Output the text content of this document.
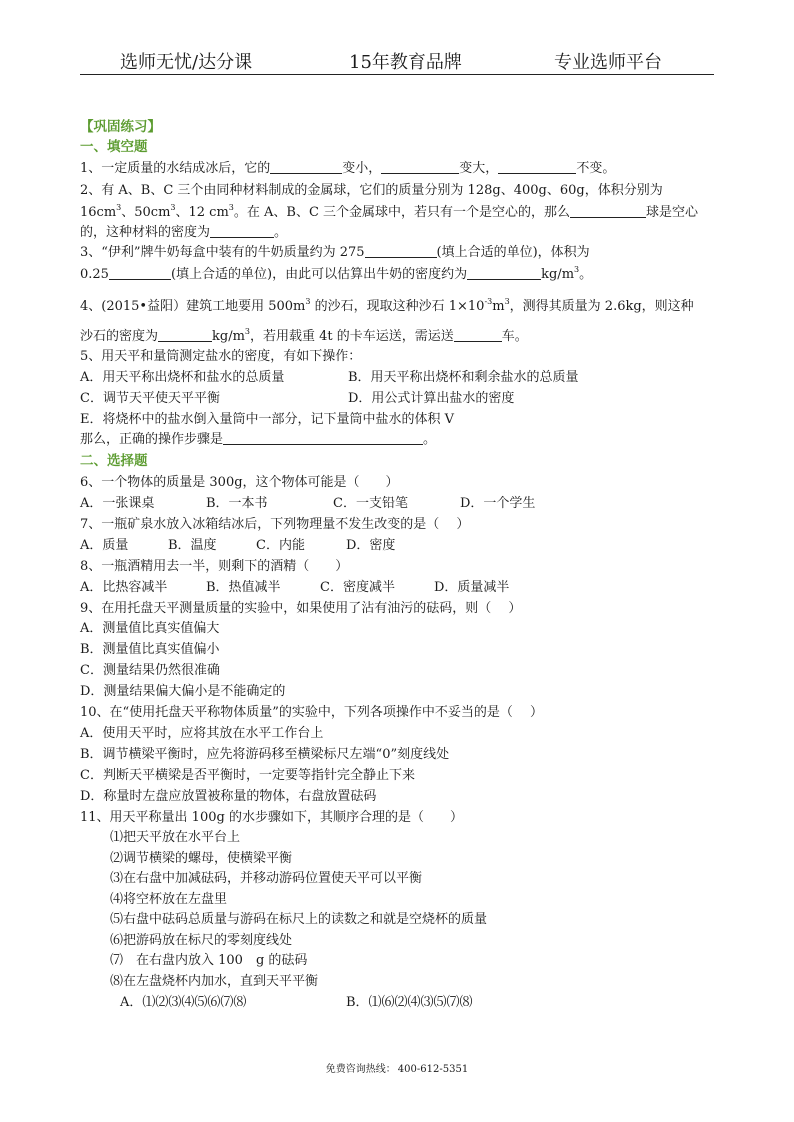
选师无忧/达分课	15年教育品牌	专业选师平台
【巩固练习】
一、填空题
1、一定质量的水结成冰后，它的	变小，	变大，	不变。
2、有 A、B、C 三个由同种材料制成的金属球，它们的质量分别为 128g、400g、60g，体积分别为
$16cm^3$、$50cm^3$、12 $cm^3$。在 A、B、C 三个金属球中，若只有一个是空心的，那么	球是空心
的，这种材料的密度为	。
3、“伊利”牌牛奶每盒中装有的牛奶质量约为 275	(填上合适的单位)，体积为
0.25	(填上合适的单位)，由此可以估算出牛奶的密度约为	$kg/m^3$。
4、(2015•益阳）建筑工地要用 $500m^3$ 的沙石，现取这种沙石 $1\times 10^{-3}m^3$，测得其质量为 2.6kg，则这种
沙石的密度为	$kg/m^3$，若用载重 4t 的卡车运送，需运送	车。
5、用天平和量筒测定盐水的密度，有如下操作：
A．用天平称出烧杯和盐水的总质量	B．用天平称出烧杯和剩余盐水的总质量
C．调节天平使天平平衡	D．用公式计算出盐水的密度
E．将烧杯中的盐水倒入量筒中一部分，记下量筒中盐水的体积 V
那么，正确的操作步骤是	。
二、选择题
6、一个物体的质量是 300g，这个物体可能是（　　）
A．一张课桌	B．一本书	C．一支铅笔	D．一个学生
7、一瓶矿泉水放入冰箱结冰后，下列物理量不发生改变的是（　 ）
A．质量	B．温度	C．内能	D．密度
8、一瓶酒精用去一半，则剩下的酒精（　　）
A．比热容减半	B．热值减半	C．密度减半	D．质量减半
9、在用托盘天平测量质量的实验中，如果使用了沾有油污的砝码，则（　 ）
A．测量值比真实值偏大
B．测量值比真实值偏小
C．测量结果仍然很准确
D．测量结果偏大偏小是不能确定的
10、在“使用托盘天平称物体质量”的实验中，下列各项操作中不妥当的是（　 ）
A．使用天平时，应将其放在水平工作台上
B．调节横梁平衡时，应先将游码移至横梁标尺左端“0”刻度线处
C．判断天平横梁是否平衡时，一定要等指针完全静止下来
D．称量时左盘应放置被称量的物体，右盘放置砝码
11、用天平称量出 100g 的水步骤如下，其顺序合理的是（　　）
⑴把天平放在水平台上
⑵调节横梁的螺母，使横梁平衡
⑶在右盘中加减砝码，并移动游码位置使天平可以平衡
⑷将空杯放在左盘里
⑸右盘中砝码总质量与游码在标尺上的读数之和就是空烧杯的质量
⑹把游码放在标尺的零刻度线处
⑺　在右盘内放入 100　g 的砝码
⑻在左盘烧杯内加水，直到天平平衡
A．⑴⑵⑶⑷⑸⑹⑺⑻	B．⑴⑹⑵⑷⑶⑸⑺⑻
免费咨询热线： 400-612-5351
